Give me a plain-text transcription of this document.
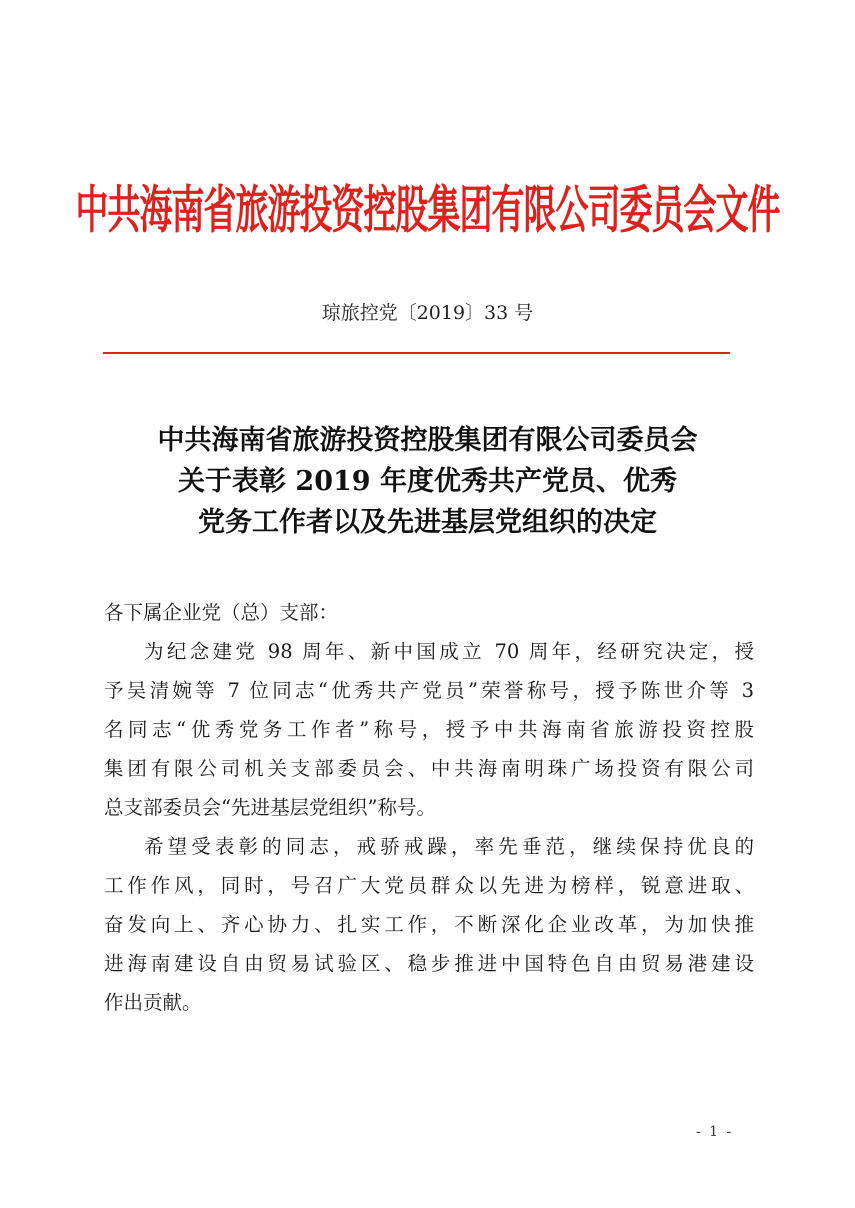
中共海南省旅游投资控股集团有限公司委员会文件
琼旅控党〔2019〕33 号
中共海南省旅游投资控股集团有限公司委员会
关于表彰 2019 年度优秀共产党员、优秀
党务工作者以及先进基层党组织的决定
各下属企业党（总）支部：
为纪念建党 98 周年、新中国成立 70 周年，经研究决定，授
予吴清婉等 7 位同志“优秀共产党员”荣誉称号，授予陈世介等 3
名同志“优秀党务工作者”称号，授予中共海南省旅游投资控股
集团有限公司机关支部委员会、中共海南明珠广场投资有限公司
总支部委员会“先进基层党组织”称号。
希望受表彰的同志，戒骄戒躁，率先垂范，继续保持优良的
工作作风，同时，号召广大党员群众以先进为榜样，锐意进取、
奋发向上、齐心协力、扎实工作，不断深化企业改革，为加快推
进海南建设自由贸易试验区、稳步推进中国特色自由贸易港建设
作出贡献。
- 1 -
